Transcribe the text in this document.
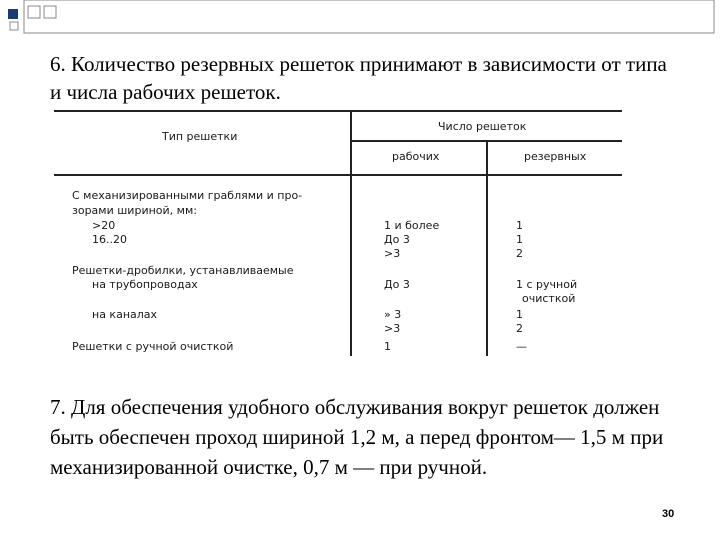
6. Количество резервных решеток принимают в зависимости от типа и числа рабочих решеток.

Тип решетки
Число решеток
рабочих	резервных
С механизированными граблями и про-
зорами шириной, мм:
>20	1 и более	1
16..20	До 3	1
>3	2
Решетки-дробилки, устанавливаемые
на трубопроводах	До 3	1 с ручной
очисткой
на каналах	» 3	1
>3	2
Решетки с ручной очисткой	1	—

7. Для обеспечения удобного обслуживания вокруг решеток должен быть обеспечен проход шириной 1,2 м, а перед фронтом— 1,5 м при механизированной очистке, 0,7 м — при ручной.

30
